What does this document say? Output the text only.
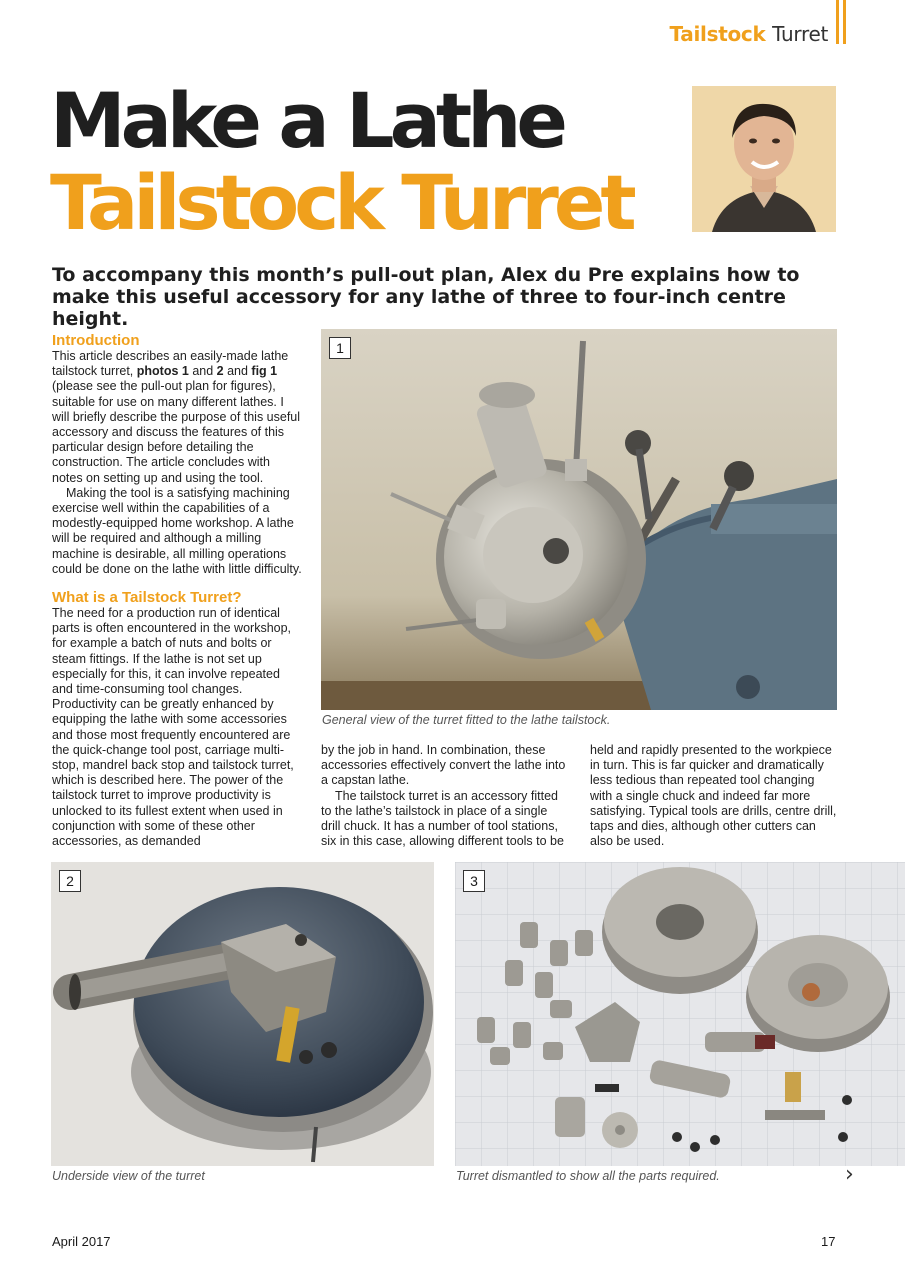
Tailstock Turret
Make a Lathe
Tailstock Turret
To accompany this month’s pull-out plan, Alex du Pre explains how to make this useful accessory for any lathe of three to four-inch centre height.
Introduction

This article describes an easily-made lathe tailstock turret, photos 1 and 2 and fig 1 (please see the pull-out plan for figures), suitable for use on many different lathes. I will briefly describe the purpose of this useful accessory and discuss the features of this particular design before detailing the construction. The article concludes with notes on setting up and using the tool.

Making the tool is a satisfying machining exercise well within the capabilities of a modestly-equipped home workshop. A lathe will be required and although a milling machine is desirable, all milling operations could be done on the lathe with little difficulty.

What is a Tailstock Turret?

The need for a production run of identical parts is often encountered in the workshop, for example a batch of nuts and bolts or steam fittings. If the lathe is not set up especially for this, it can involve repeated and time-consuming tool changes. Productivity can be greatly enhanced by equipping the lathe with some accessories and those most frequently encountered are the quick-change tool post, carriage multi-stop, mandrel back stop and tailstock turret, which is described here. The power of the tailstock turret to improve productivity is unlocked to its fullest extent when used in conjunction with some of these other accessories, as demanded

by the job in hand. In combination, these accessories effectively convert the lathe into a capstan lathe.

The tailstock turret is an accessory fitted to the lathe’s tailstock in place of a single drill chuck. It has a number of tool stations, six in this case, allowing different tools to be

held and rapidly presented to the workpiece in turn. This is far quicker and dramatically less tedious than repeated tool changing with a single chuck and indeed far more satisfying. Typical tools are drills, centre drill, taps and dies, although other cutters can also be used.

1
General view of the turret fitted to the lathe tailstock.
2
Underside view of the turret
3
Turret dismantled to show all the parts required.	›
April 2017	17
